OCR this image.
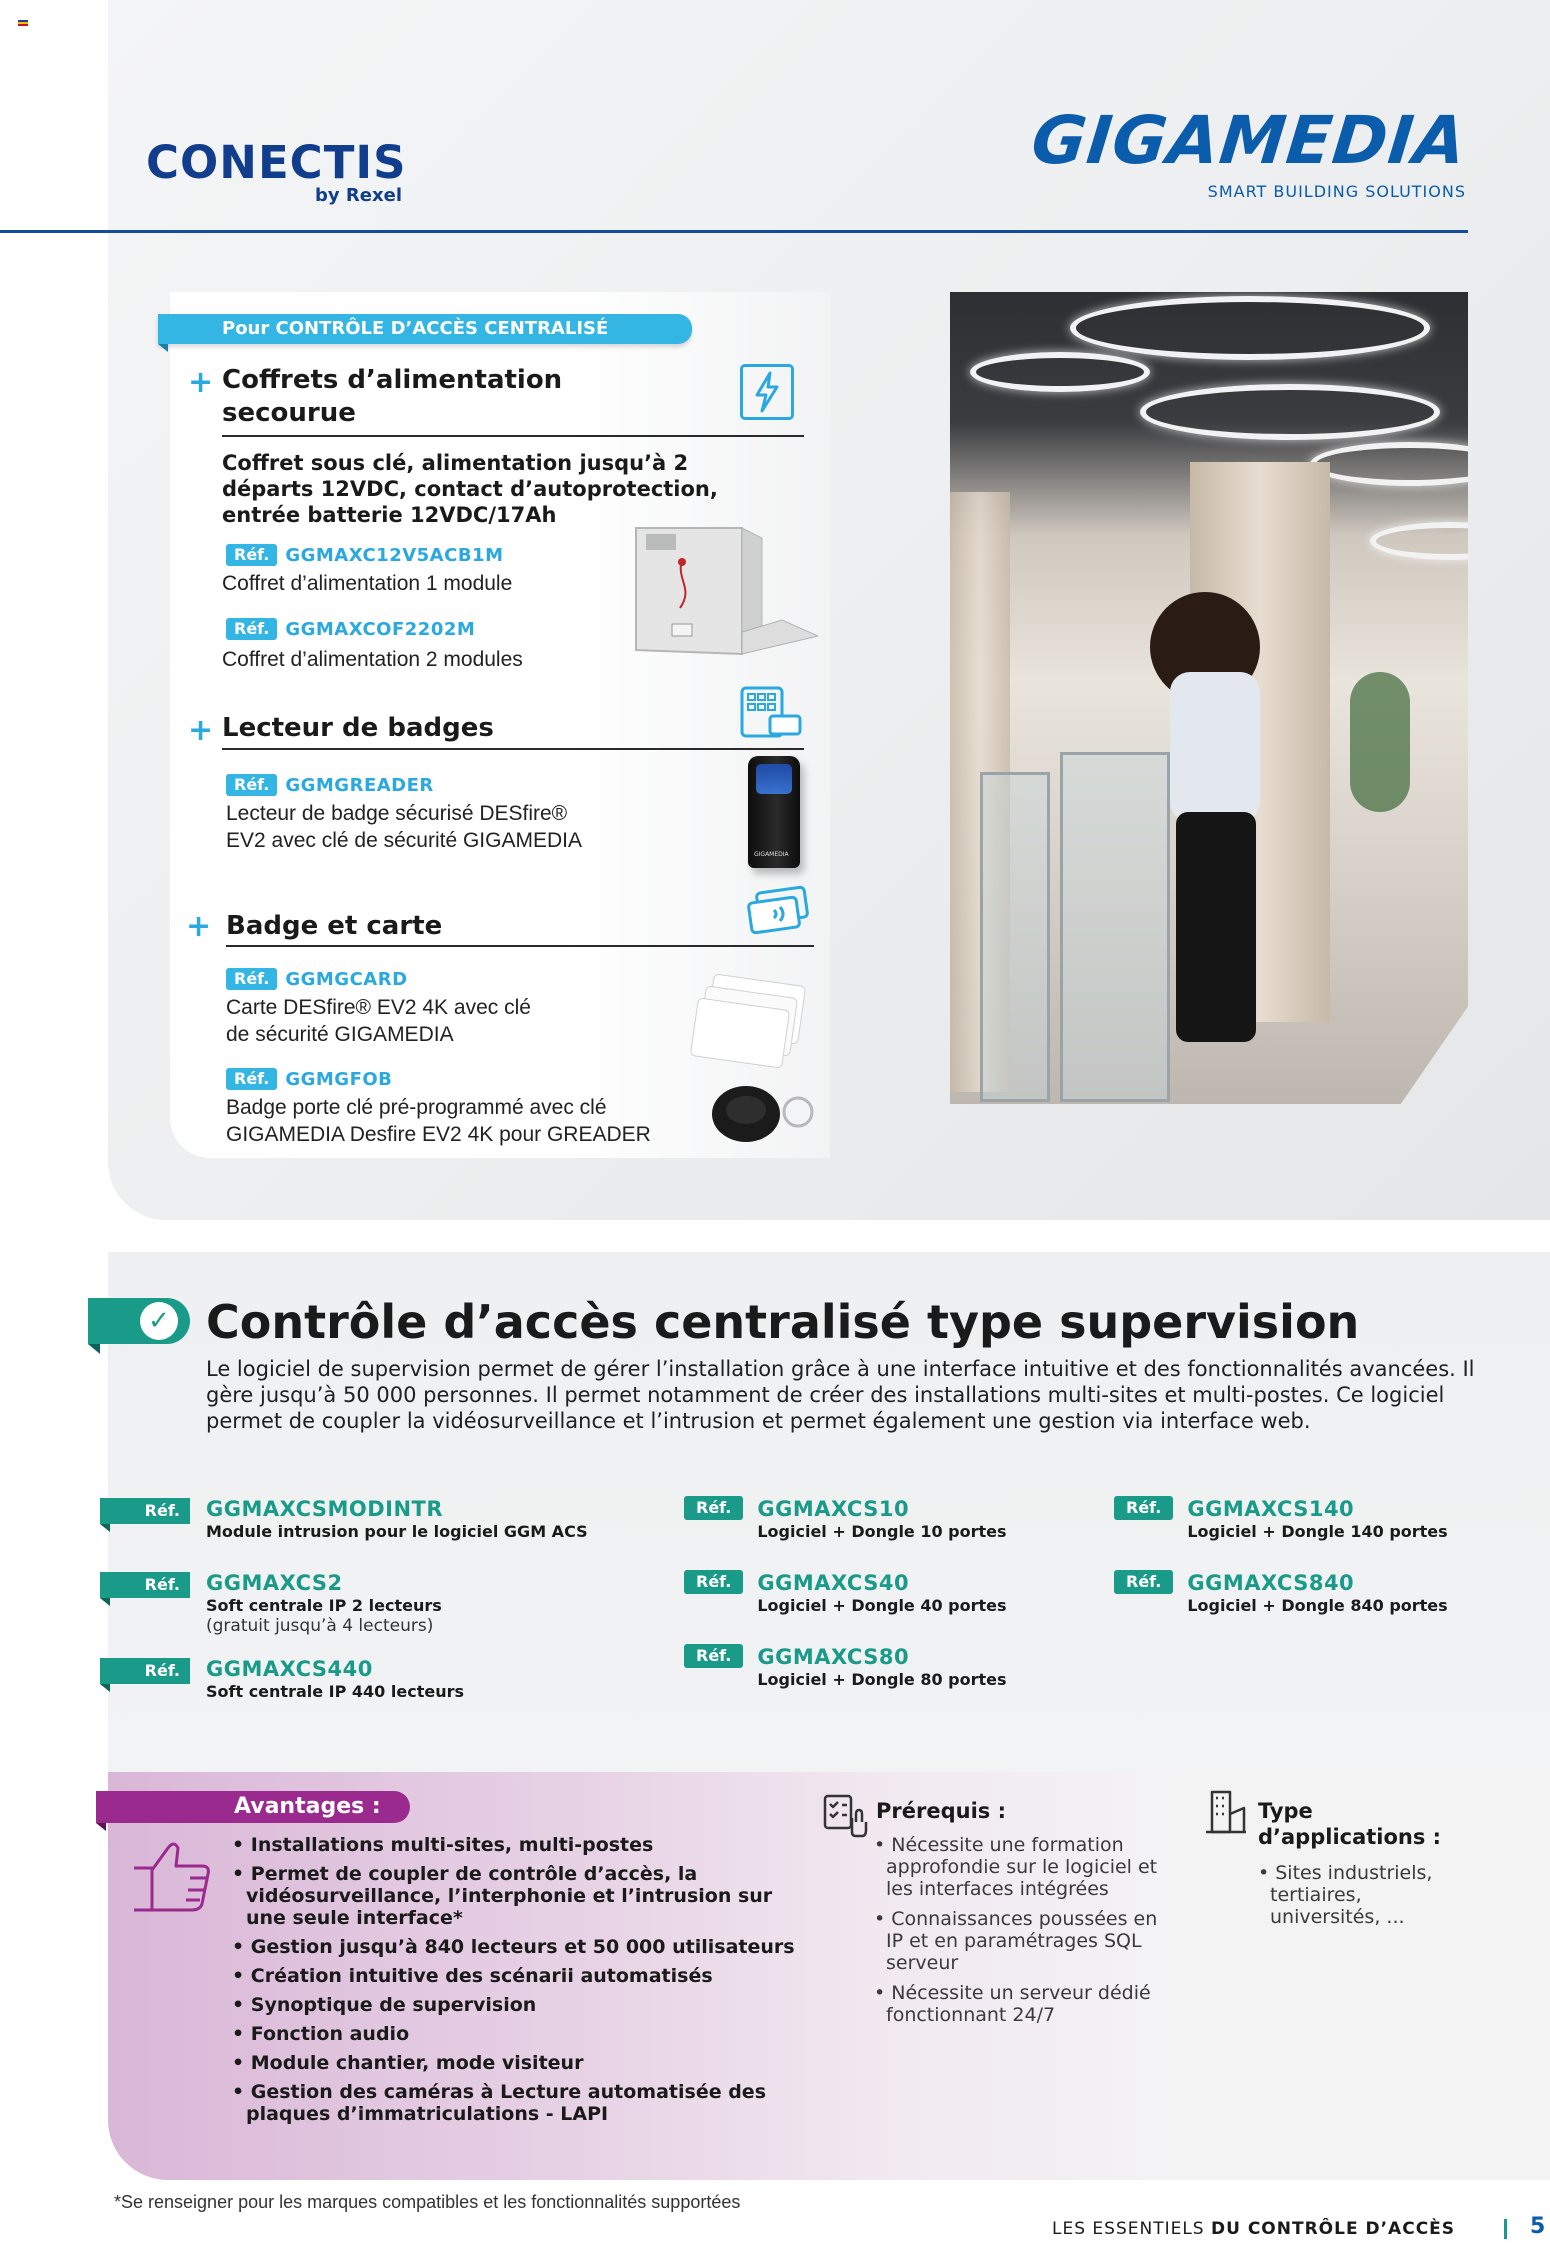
CONECTIS
by Rexel
GIGAMEDIA
SMART BUILDING SOLUTIONS
Pour CONTRÔLE D’ACCÈS CENTRALISÉ
+ Coffrets d’alimentation
secourue
Coffret sous clé, alimentation jusqu’à 2 départs 12VDC, contact d’autoprotection, entrée batterie 12VDC/17Ah
Réf. GGMAXC12V5ACB1M
Coffret d’alimentation 1 module
Réf. GGMAXCOF2202M
Coffret d’alimentation 2 modules
+ Lecteur de badges
Réf. GGMGREADER
Lecteur de badge sécurisé DESfire®
EV2 avec clé de sécurité GIGAMEDIA
GIGAMEDIA
+ Badge et carte
Réf. GGMGCARD
Carte DESfire® EV2 4K avec clé
de sécurité GIGAMEDIA
Réf. GGMGFOB
Badge porte clé pré-programmé avec clé
GIGAMEDIA Desfire EV2 4K pour GREADER
✓ Contrôle d’accès centralisé type supervision
Le logiciel de supervision permet de gérer l’installation grâce à une interface intuitive et des fonctionnalités avancées. Il gère jusqu’à 50 000 personnes. Il permet notamment de créer des installations multi-sites et multi-postes. Ce logiciel permet de coupler la vidéosurveillance et l’intrusion et permet également une gestion via interface web.
Réf.	GGMAXCSMODINTR
Module intrusion pour le logiciel GGM ACS
Réf.	GGMAXCS2
Soft centrale IP 2 lecteurs
(gratuit jusqu’à 4 lecteurs)
Réf.	GGMAXCS440
Soft centrale IP 440 lecteurs
Réf.	GGMAXCS10
Logiciel + Dongle 10 portes
Réf.	GGMAXCS40
Logiciel + Dongle 40 portes
Réf.	GGMAXCS80
Logiciel + Dongle 80 portes
Réf.	GGMAXCS140
Logiciel + Dongle 140 portes
Réf.	GGMAXCS840
Logiciel + Dongle 840 portes
Avantages :
• Installations multi-sites, multi-postes
• Permet de coupler de contrôle d’accès, la vidéosurveillance, l’interphonie et l’intrusion sur une seule interface*
• Gestion jusqu’à 840 lecteurs et 50 000 utilisateurs
• Création intuitive des scénarii automatisés
• Synoptique de supervision
• Fonction audio
• Module chantier, mode visiteur
• Gestion des caméras à Lecture automatisée des plaques d’immatriculations - LAPI
Prérequis :
• Nécessite une formation approfondie sur le logiciel et les interfaces intégrées
• Connaissances poussées en IP et en paramétrages SQL serveur
• Nécessite un serveur dédié fonctionnant 24/7
Type
d’applications :
• Sites industriels, tertiaires, universités, ...
*Se renseigner pour les marques compatibles et les fonctionnalités supportées
LES ESSENTIELS DU CONTRÔLE D’ACCÈS	5
